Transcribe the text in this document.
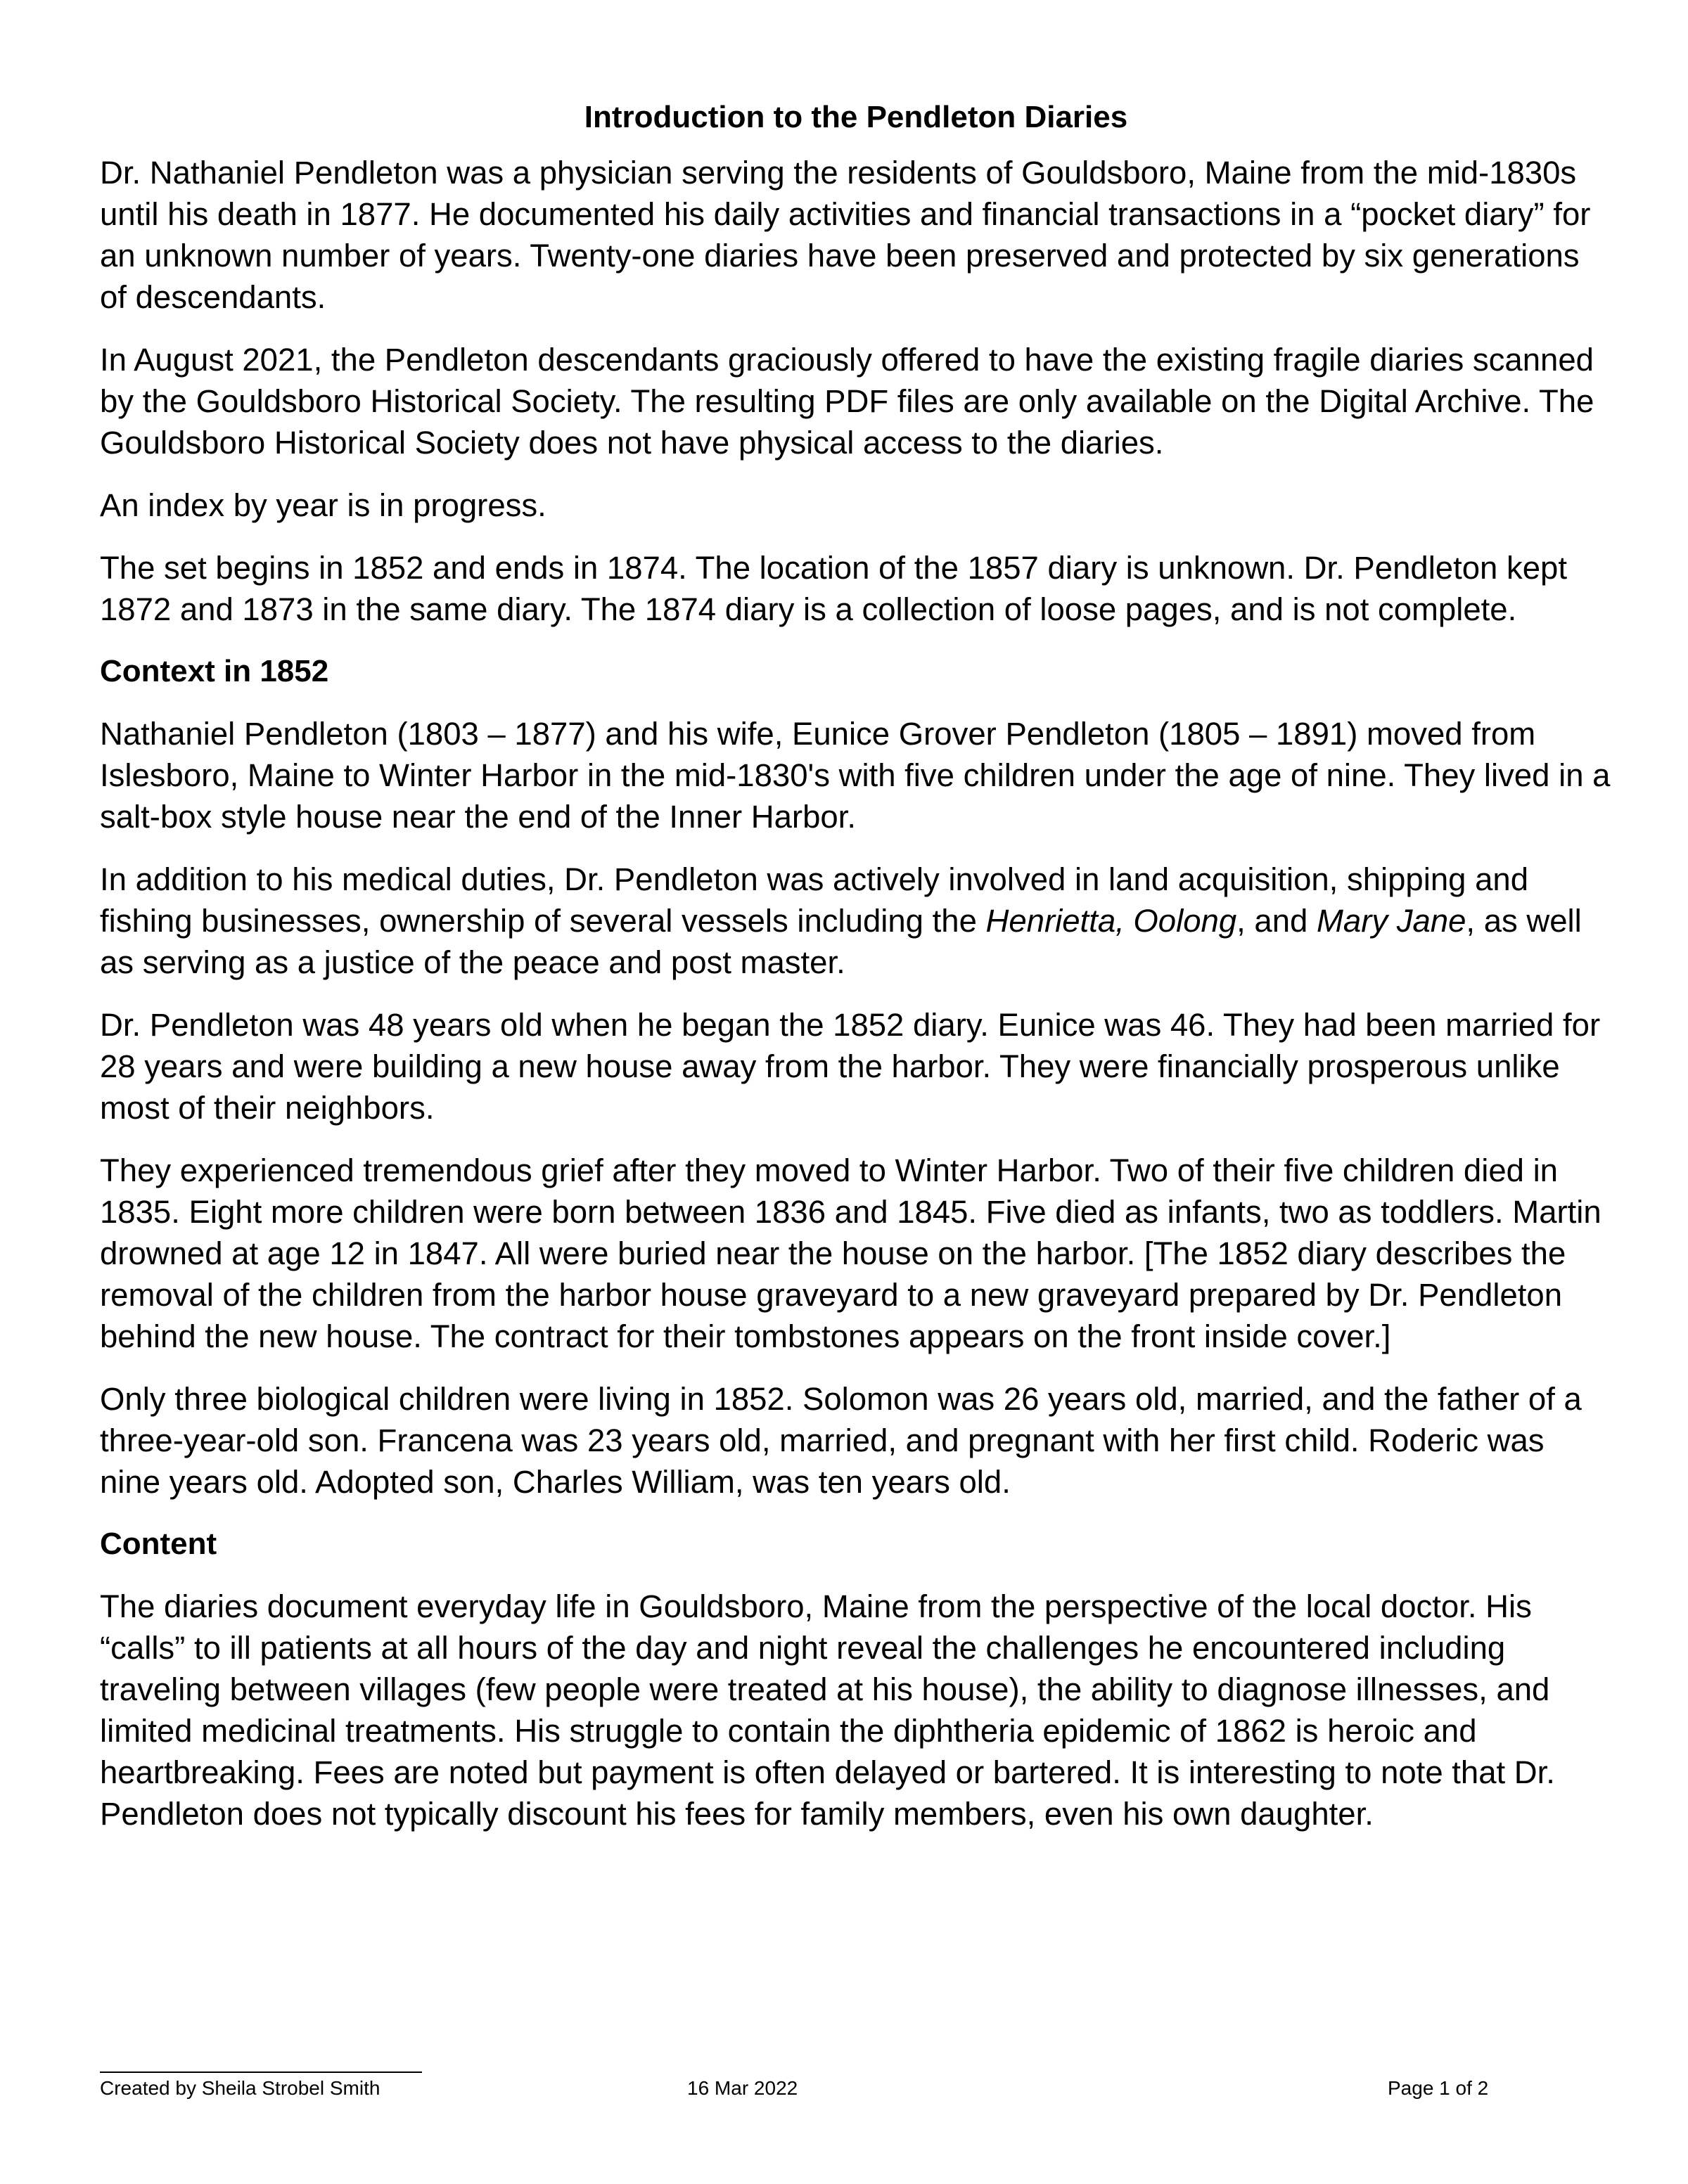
Introduction to the Pendleton Diaries

Dr. Nathaniel Pendleton was a physician serving the residents of Gouldsboro, Maine from the mid-1830s until his death in 1877. He documented his daily activities and financial transactions in a “pocket diary” for an unknown number of years. Twenty-one diaries have been preserved and protected by six generations of descendants.

In August 2021, the Pendleton descendants graciously offered to have the existing fragile diaries scanned by the Gouldsboro Historical Society. The resulting PDF files are only available on the Digital Archive. The Gouldsboro Historical Society does not have physical access to the diaries.

An index by year is in progress.

The set begins in 1852 and ends in 1874. The location of the 1857 diary is unknown. Dr. Pendleton kept 1872 and 1873 in the same diary. The 1874 diary is a collection of loose pages, and is not complete.

Context in 1852

Nathaniel Pendleton (1803 – 1877) and his wife, Eunice Grover Pendleton (1805 – 1891) moved from Islesboro, Maine to Winter Harbor in the mid-1830's with five children under the age of nine. They lived in a salt-box style house near the end of the Inner Harbor.

In addition to his medical duties, Dr. Pendleton was actively involved in land acquisition, shipping and fishing businesses, ownership of several vessels including the Henrietta, Oolong, and Mary Jane, as well as serving as a justice of the peace and post master.

Dr. Pendleton was 48 years old when he began the 1852 diary. Eunice was 46. They had been married for 28 years and were building a new house away from the harbor. They were financially prosperous unlike most of their neighbors.

They experienced tremendous grief after they moved to Winter Harbor. Two of their five children died in 1835. Eight more children were born between 1836 and 1845. Five died as infants, two as toddlers. Martin drowned at age 12 in 1847. All were buried near the house on the harbor. [The 1852 diary describes the removal of the children from the harbor house graveyard to a new graveyard prepared by Dr. Pendleton behind the new house. The contract for their tombstones appears on the front inside cover.]

Only three biological children were living in 1852. Solomon was 26 years old, married, and the father of a three-year-old son. Francena was 23 years old, married, and pregnant with her first child. Roderic was nine years old. Adopted son, Charles William, was ten years old.

Content

The diaries document everyday life in Gouldsboro, Maine from the perspective of the local doctor. His “calls” to ill patients at all hours of the day and night reveal the challenges he encountered including traveling between villages (few people were treated at his house), the ability to diagnose illnesses, and limited medicinal treatments. His struggle to contain the diphtheria epidemic of 1862 is heroic and heartbreaking. Fees are noted but payment is often delayed or bartered. It is interesting to note that Dr. Pendleton does not typically discount his fees for family members, even his own daughter.

Created by Sheila Strobel Smith	16 Mar 2022	Page 1 of 2
